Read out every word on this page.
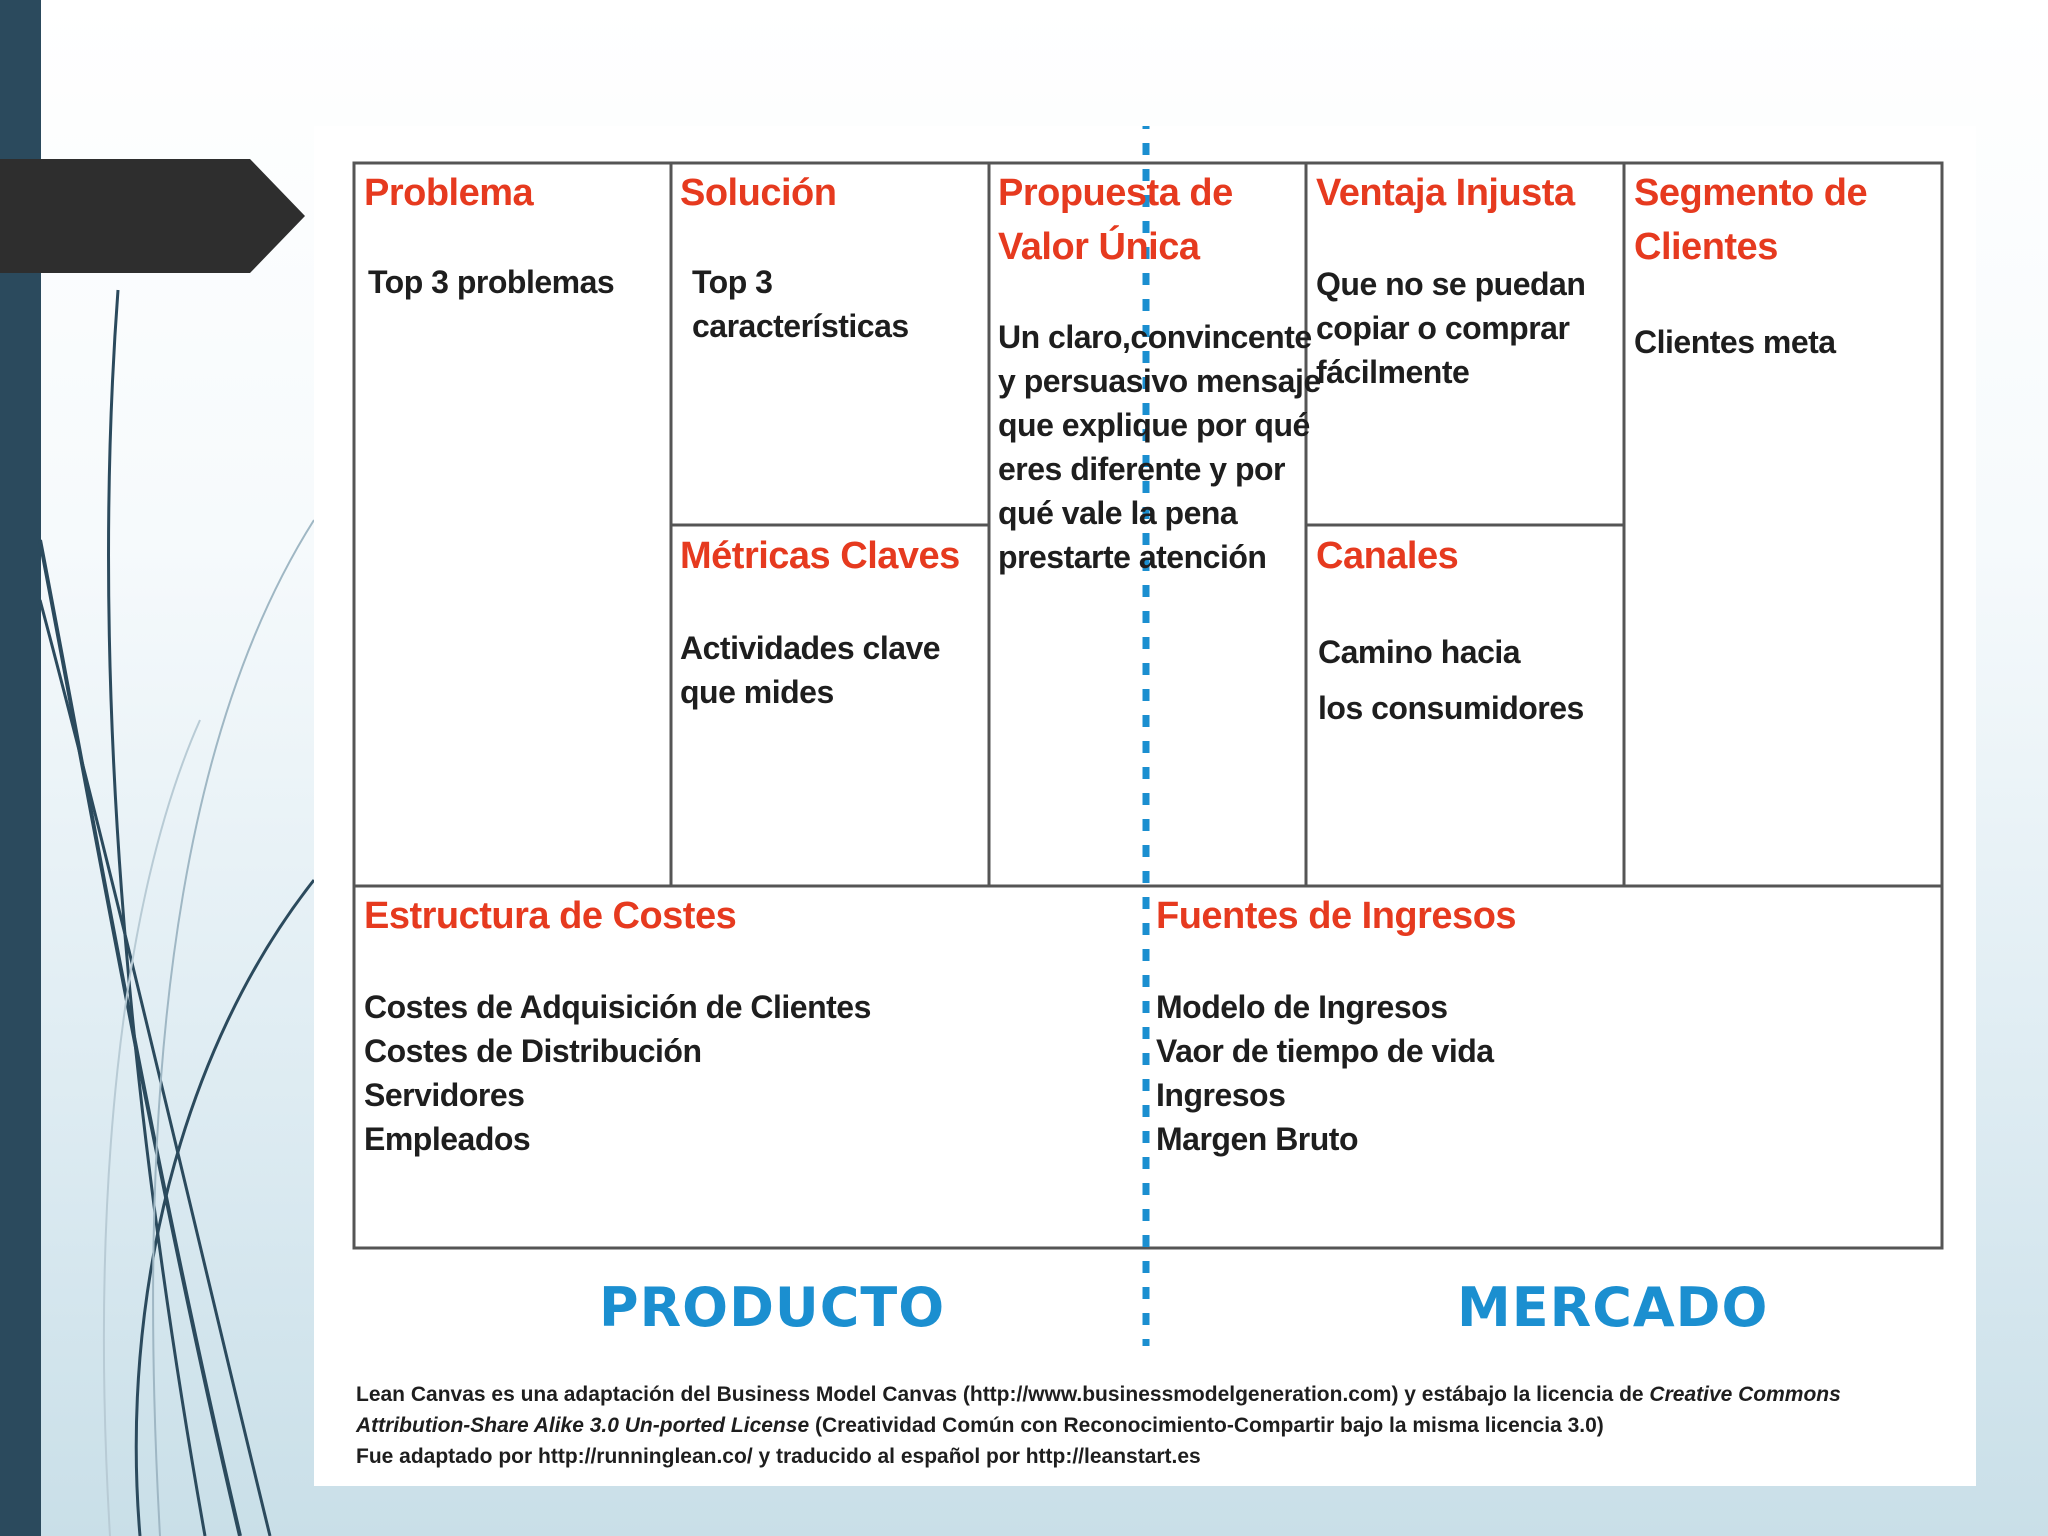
Problema
Top 3 problemas
Solución
Top 3
características
Propuesta de
Valor Única
Un claro,convincente
y persuasivo mensaje
que explique por qué
eres diferente y por
qué vale la pena
prestarte atención
Ventaja Injusta
Que no se puedan
copiar o comprar
fácilmente
Segmento de
Clientes
Clientes meta
Métricas Claves
Actividades clave
que mides
Canales
Camino hacia
los consumidores
Estructura de Costes
Costes de Adquisición de Clientes
Costes de Distribución
Servidores
Empleados
Fuentes de Ingresos
Modelo de Ingresos
Vaor de tiempo de vida
Ingresos
Margen Bruto
PRODUCTO	MERCADO
Lean Canvas es una adaptación del Business Model Canvas (http://www.businessmodelgeneration.com) y estábajo la licencia de Creative Commons
Attribution-Share Alike 3.0 Un-ported License (Creatividad Común con Reconocimiento-Compartir bajo la misma licencia 3.0)
Fue adaptado por http://runninglean.co/ y traducido al español por http://leanstart.es
